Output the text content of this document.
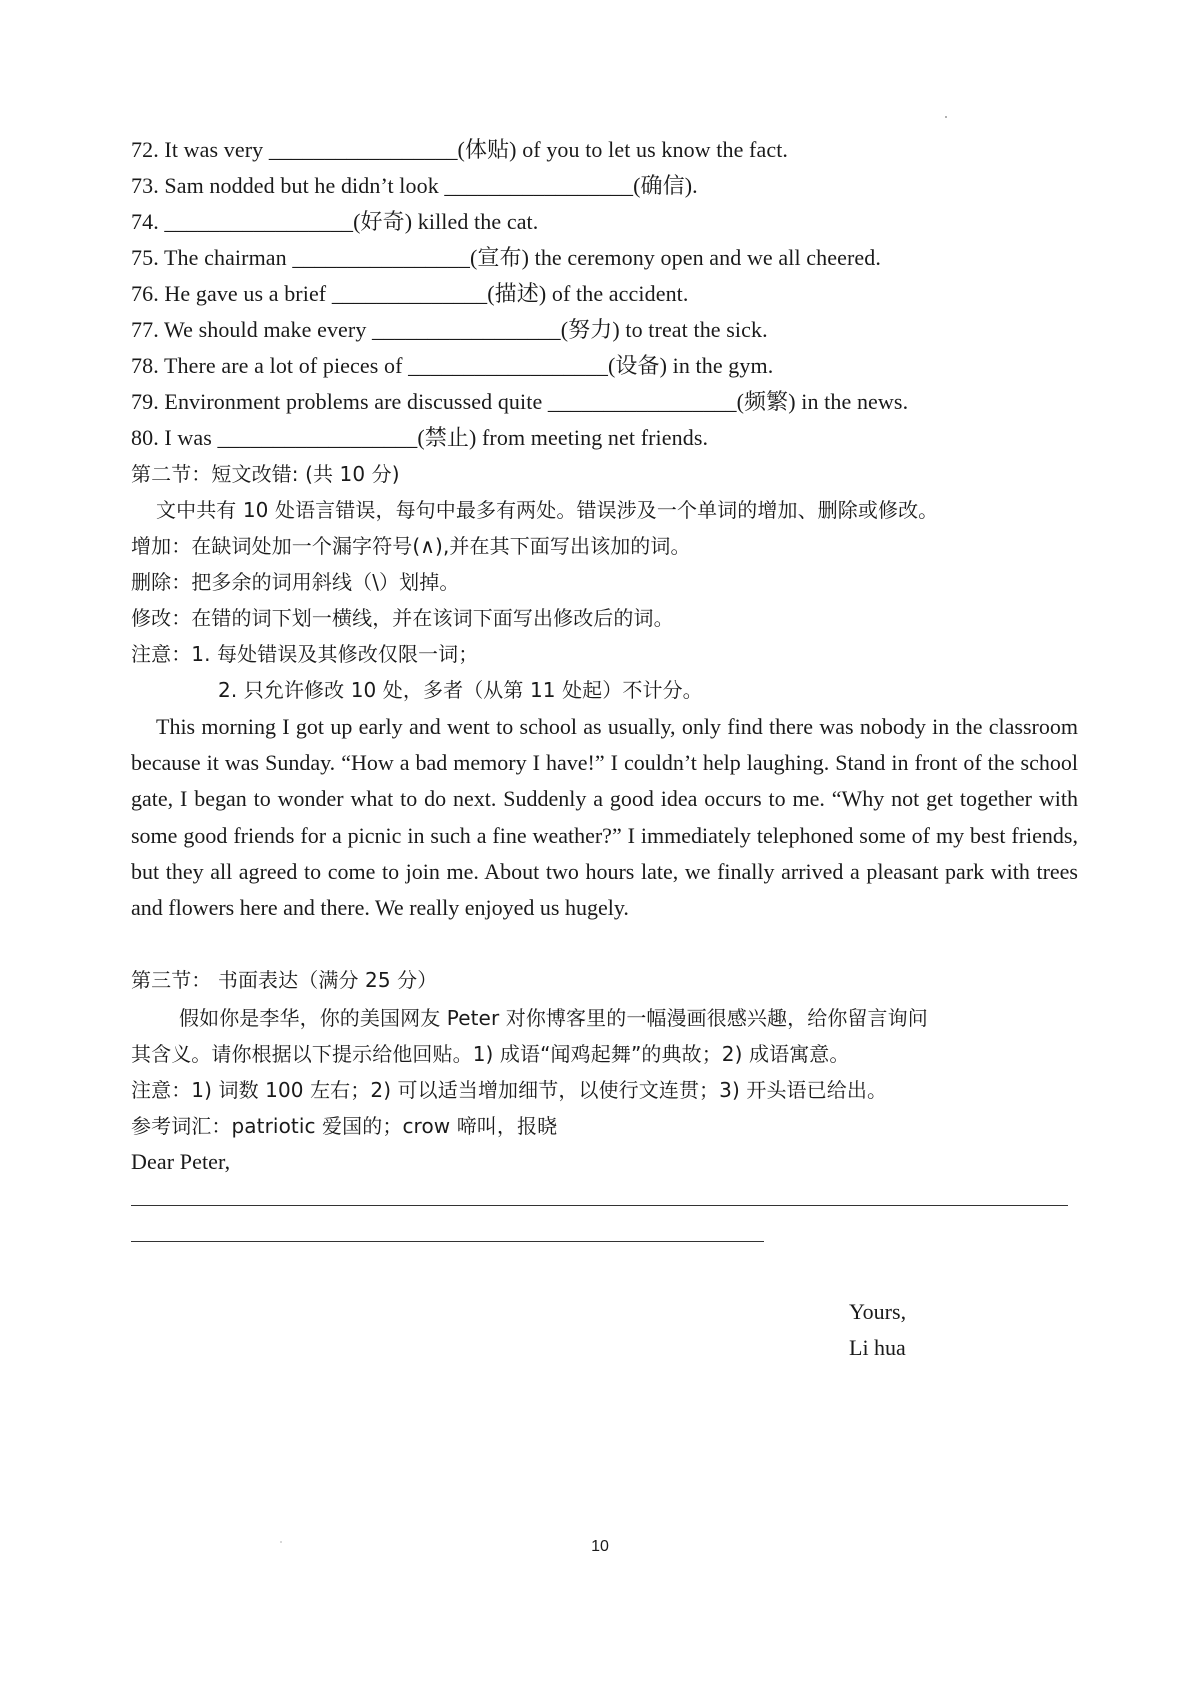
72. It was very _________________(体贴) of you to let us know the fact.
73. Sam nodded but he didn’t look _________________(确信).
74. _________________(好奇) killed the cat.
75. The chairman ________________(宣布) the ceremony open and we all cheered.
76. He gave us a brief ______________(描述) of the accident.
77. We should make every _________________(努力) to treat the sick.
78. There are a lot of pieces of __________________(设备) in the gym.
79. Environment problems are discussed quite _________________(频繁) in the news.
80. I was __________________(禁止) from meeting net friends.
第二节：短文改错: (共 10 分)
文中共有 10 处语言错误，每句中最多有两处。错误涉及一个单词的增加、删除或修改。
增加：在缺词处加一个漏字符号(∧),并在其下面写出该加的词。
删除：把多余的词用斜线（\）划掉。
修改：在错的词下划一横线，并在该词下面写出修改后的词。
注意：1. 每处错误及其修改仅限一词；
2. 只允许修改 10 处，多者（从第 11 处起）不计分。

This morning I got up early and went to school as usually, only find there was nobody in the classroom because it was Sunday. “How a bad memory I have!” I couldn’t help laughing. Stand in front of the school gate, I began to wonder what to do next. Suddenly a good idea occurs to me. “Why not get together with some good friends for a picnic in such a fine weather?” I immediately telephoned some of my best friends, but they all agreed to come to join me. About two hours late, we finally arrived a pleasant park with trees and flowers here and there. We really enjoyed us hugely.

第三节： 书面表达（满分 25 分）
假如你是李华，你的美国网友 Peter 对你博客里的一幅漫画很感兴趣，给你留言询问
其含义。请你根据以下提示给他回贴。1) 成语“闻鸡起舞”的典故；2) 成语寓意。
注意：1) 词数 100 左右；2) 可以适当增加细节，以使行文连贯；3) 开头语已给出。
参考词汇：patriotic 爱国的；crow 啼叫，报晓
Dear Peter,
Yours,
Li hua
10
